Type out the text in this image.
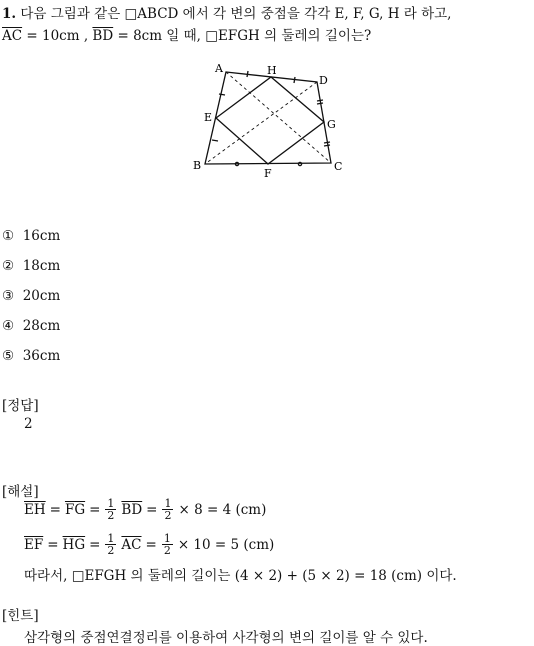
1. 다음 그림과 같은 □ABCD 에서 각 변의 중점을 각각 E, F, G, H 라 하고,
$\overline{AC} = 10cm$ , $\overline{BD} = 8cm$ 일 때, □EFGH 의 둘레의 길이는?
A
D
H
E
G
B
F
C
① 16cm
② 18cm
③ 20cm
④ 28cm
⑤ 36cm
[정답]
2
[해설]
$\overline{EH} = \overline{FG} = \frac{1}{2} \overline{BD} = \frac{1}{2} \times 8 = 4$ (cm)
$\overline{EF} = \overline{HG} = \frac{1}{2} \overline{AC} = \frac{1}{2} \times 10 = 5$ (cm)
따라서, □EFGH 의 둘레의 길이는 (4 × 2) + (5 × 2) = 18 (cm) 이다.
[힌트]
삼각형의 중점연결정리를 이용하여 사각형의 변의 길이를 알 수 있다.
